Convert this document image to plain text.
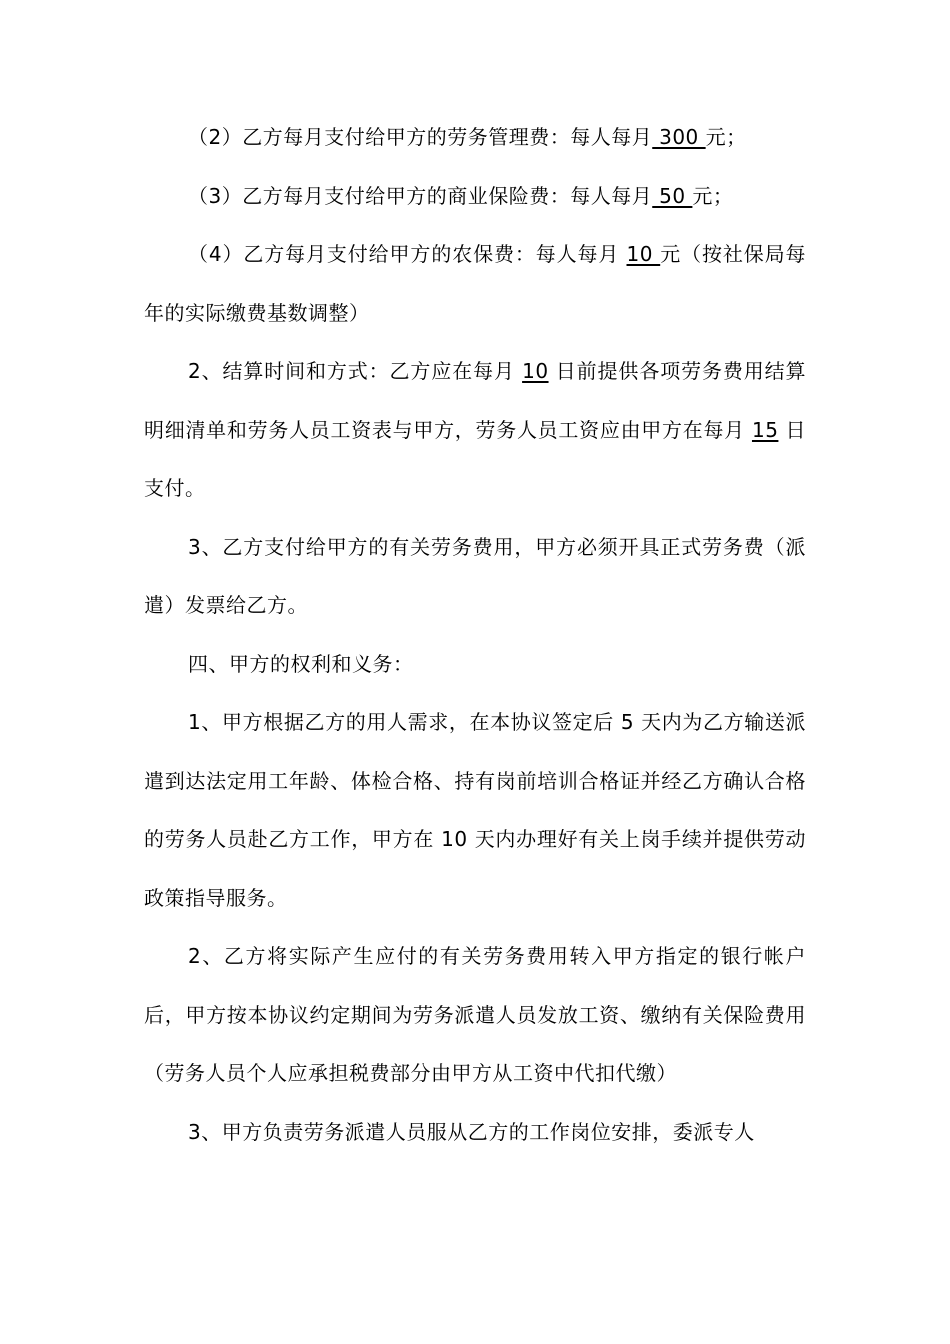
（2）乙方每月支付给甲方的劳务管理费：每人每月 300 元；

（3）乙方每月支付给甲方的商业保险费：每人每月 50 元；

（4）乙方每月支付给甲方的农保费：每人每月 10 元（按社保局每年的实际缴费基数调整）

2、结算时间和方式：乙方应在每月 10 日前提供各项劳务费用结算明细清单和劳务人员工资表与甲方，劳务人员工资应由甲方在每月 15 日支付。

3、乙方支付给甲方的有关劳务费用，甲方必须开具正式劳务费（派遣）发票给乙方。

四、甲方的权利和义务：

1、甲方根据乙方的用人需求，在本协议签定后 5 天内为乙方输送派遣到达法定用工年龄、体检合格、持有岗前培训合格证并经乙方确认合格的劳务人员赴乙方工作，甲方在 10 天内办理好有关上岗手续并提供劳动政策指导服务。

2、乙方将实际产生应付的有关劳务费用转入甲方指定的银行帐户后，甲方按本协议约定期间为劳务派遣人员发放工资、缴纳有关保险费用（劳务人员个人应承担税费部分由甲方从工资中代扣代缴）

3、甲方负责劳务派遣人员服从乙方的工作岗位安排，委派专人
